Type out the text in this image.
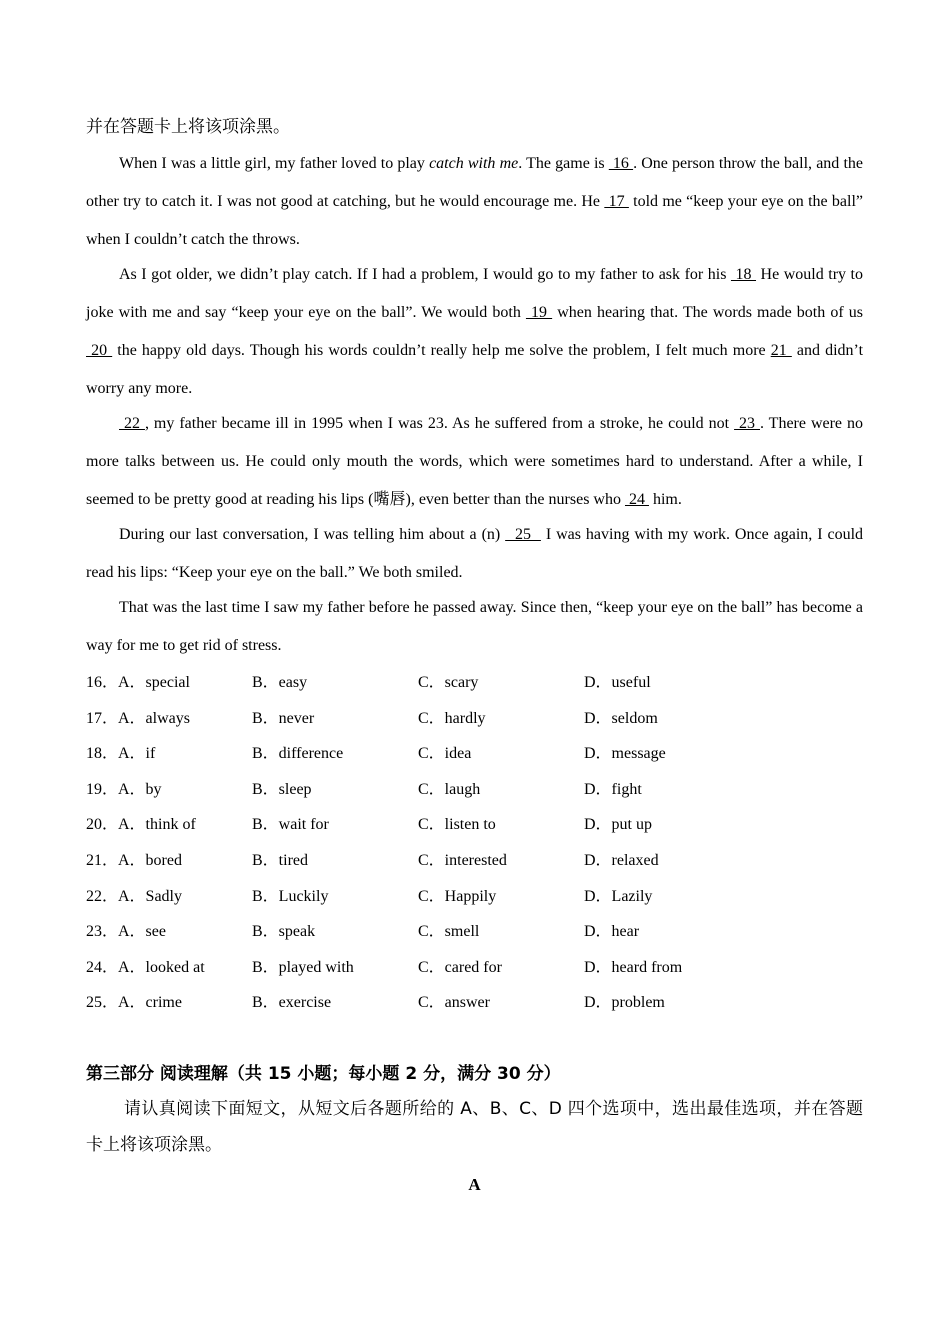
并在答题卡上将该项涂黑。

When I was a little girl, my father loved to play catch with me. The game is  16 . One person throw the ball, and the other try to catch it. I was not good at catching, but he would encourage me. He  17  told me “keep your eye on the ball” when I couldn’t catch the throws.

As I got older, we didn’t play catch. If I had a problem, I would go to my father to ask for his  18  He would try to joke with me and say “keep your eye on the ball”. We would both  19  when hearing that. The words made both of us  20  the happy old days. Though his words couldn’t really help me solve the problem, I felt much more 21  and didn’t worry any more.

22 , my father became ill in 1995 when I was 23. As he suffered from a stroke, he could not  23 . There were no more talks between us. He could only mouth the words, which were sometimes hard to understand. After a while, I seemed to be pretty good at reading his lips (嘴唇), even better than the nurses who  24  him.

During our last conversation, I was telling him about a (n)   25   I was having with my work. Once again, I could read his lips: “Keep your eye on the ball.” We both smiled.

That was the last time I saw my father before he passed away. Since then, “keep your eye on the ball” has become a way for me to get rid of stress.

16．A．special	B．easy	C．scary	D．useful
17．A．always	B．never	C．hardly	D．seldom
18．A．if	B．difference	C．idea	D．message
19．A．by	B．sleep	C．laugh	D．fight
20．A．think of	B．wait for	C．listen to	D．put up
21．A．bored	B．tired	C．interested	D．relaxed
22．A．Sadly	B．Luckily	C．Happily	D．Lazily
23．A．see	B．speak	C．smell	D．hear
24．A．looked at	B．played with	C．cared for	D．heard from
25．A．crime	B．exercise	C．answer	D．problem
第三部分 阅读理解（共 15 小题；每小题 2 分，满分 30 分）

请认真阅读下面短文，从短文后各题所给的 A、B、C、D 四个选项中，选出最佳选项，并在答题卡上将该项涂黑。

A
